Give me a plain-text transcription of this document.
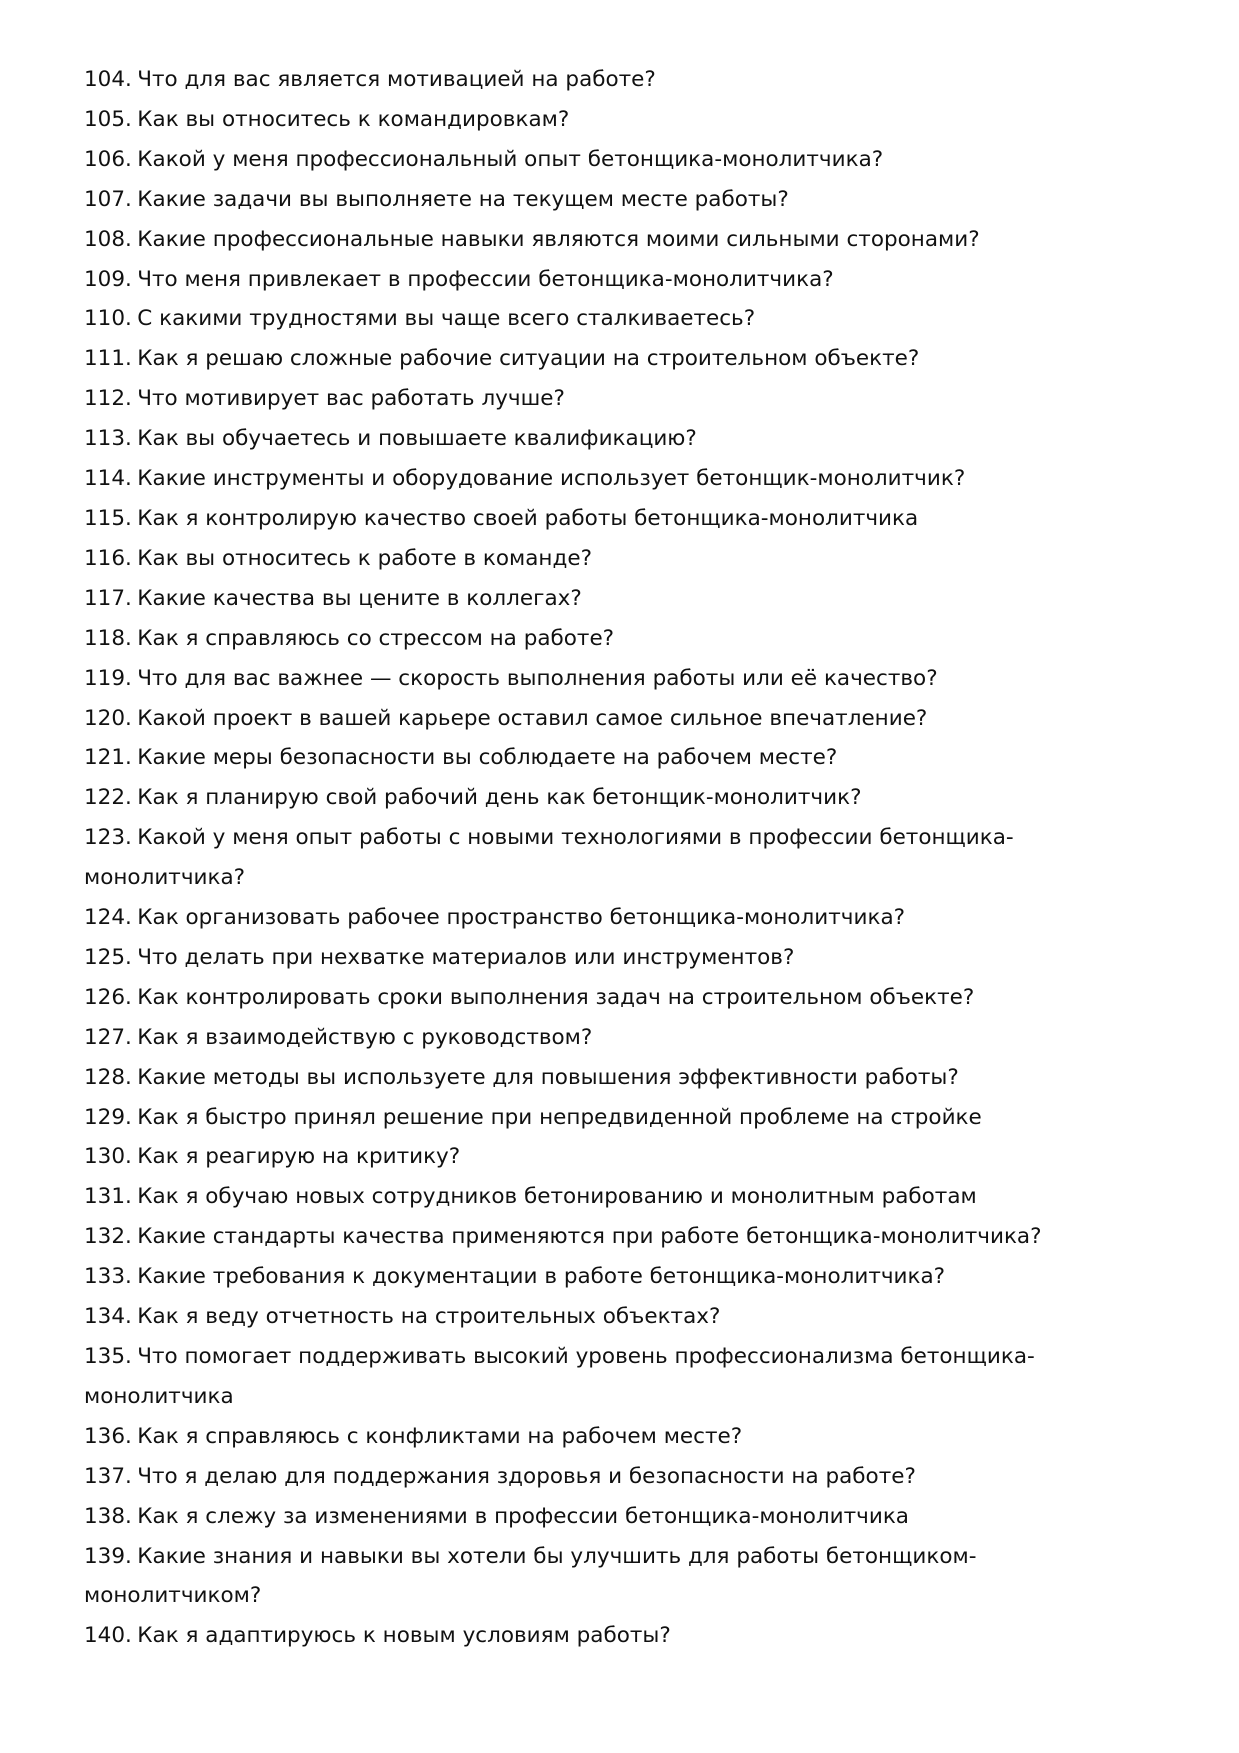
104. Что для вас является мотивацией на работе?
105. Как вы относитесь к командировкам?
106. Какой у меня профессиональный опыт бетонщика-монолитчика?
107. Какие задачи вы выполняете на текущем месте работы?
108. Какие профессиональные навыки являются моими сильными сторонами?
109. Что меня привлекает в профессии бетонщика-монолитчика?
110. С какими трудностями вы чаще всего сталкиваетесь?
111. Как я решаю сложные рабочие ситуации на строительном объекте?
112. Что мотивирует вас работать лучше?
113. Как вы обучаетесь и повышаете квалификацию?
114. Какие инструменты и оборудование использует бетонщик-монолитчик?
115. Как я контролирую качество своей работы бетонщика-монолитчика
116. Как вы относитесь к работе в команде?
117. Какие качества вы цените в коллегах?
118. Как я справляюсь со стрессом на работе?
119. Что для вас важнее — скорость выполнения работы или её качество?
120. Какой проект в вашей карьере оставил самое сильное впечатление?
121. Какие меры безопасности вы соблюдаете на рабочем месте?
122. Как я планирую свой рабочий день как бетонщик-монолитчик?
123. Какой у меня опыт работы с новыми технологиями в профессии бетонщика-монолитчика?
124. Как организовать рабочее пространство бетонщика-монолитчика?
125. Что делать при нехватке материалов или инструментов?
126. Как контролировать сроки выполнения задач на строительном объекте?
127. Как я взаимодействую с руководством?
128. Какие методы вы используете для повышения эффективности работы?
129. Как я быстро принял решение при непредвиденной проблеме на стройке
130. Как я реагирую на критику?
131. Как я обучаю новых сотрудников бетонированию и монолитным работам
132. Какие стандарты качества применяются при работе бетонщика-монолитчика?
133. Какие требования к документации в работе бетонщика-монолитчика?
134. Как я веду отчетность на строительных объектах?
135. Что помогает поддерживать высокий уровень профессионализма бетонщика-монолитчика
136. Как я справляюсь с конфликтами на рабочем месте?
137. Что я делаю для поддержания здоровья и безопасности на работе?
138. Как я слежу за изменениями в профессии бетонщика-монолитчика
139. Какие знания и навыки вы хотели бы улучшить для работы бетонщиком-монолитчиком?
140. Как я адаптируюсь к новым условиям работы?
